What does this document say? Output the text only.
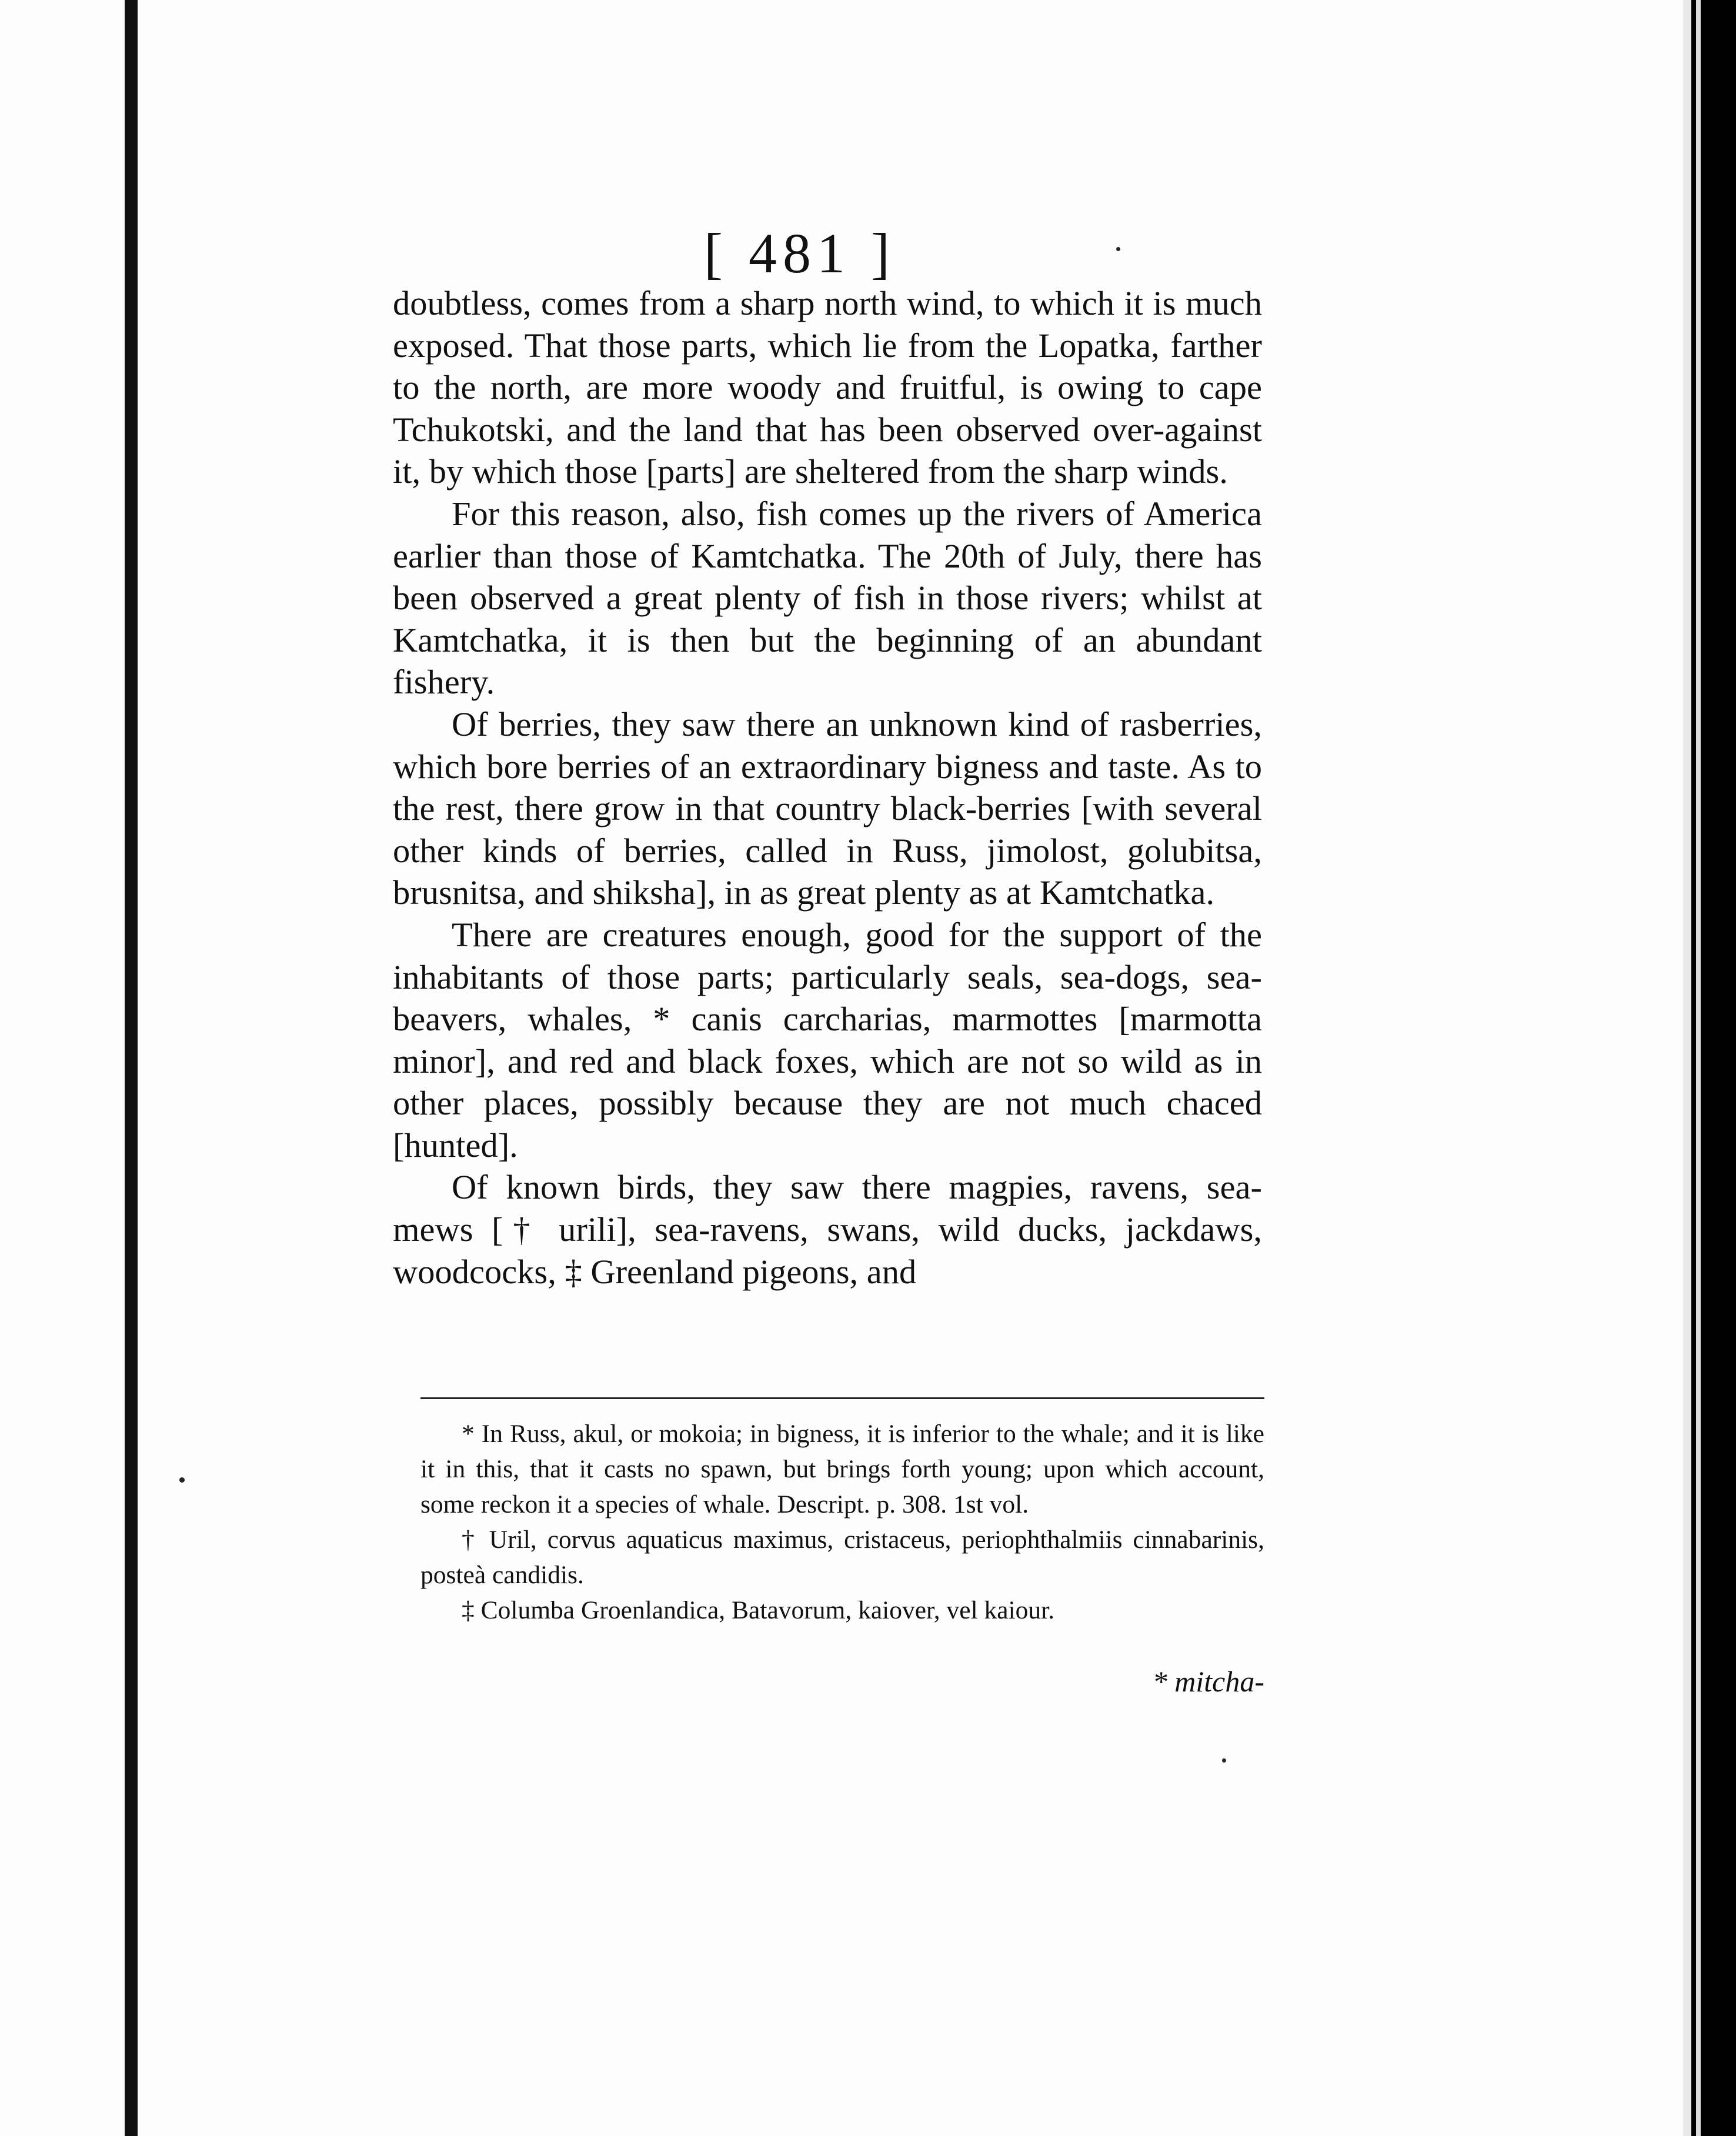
[ 481 ]

doubtless, comes from a sharp north wind, to which it is much exposed. That those parts, which lie from the Lopatka, farther to the north, are more woody and fruitful, is owing to cape Tchukotski, and the land that has been observed over-against it, by which those [parts] are sheltered from the sharp winds.

For this reason, also, fish comes up the rivers of America earlier than those of Kamtchatka. The 20th of July, there has been observed a great plenty of fish in those rivers; whilst at Kamtchatka, it is then but the beginning of an abundant fishery.

Of berries, they saw there an unknown kind of rasberries, which bore berries of an extraordinary bigness and taste. As to the rest, there grow in that country black-berries [with several other kinds of berries, called in Russ, jimolost, golubitsa, brusnitsa, and shikshа], in as great plenty as at Kamtchatka.

There are creatures enough, good for the support of the inhabitants of those parts; particularly seals, sea-dogs, sea-beavers, whales, * canis carcharias, marmottes [marmotta minor], and red and black foxes, which are not so wild as in other places, possibly because they are not much chaced [hunted].

Of known birds, they saw there magpies, ravens, sea-mews [† urili], sea-ravens, swans, wild ducks, jackdaws, woodcocks, ‡ Greenland pigeons, and

* In Russ, akul, or mokoia; in bigness, it is inferior to the whale; and it is like it in this, that it casts no spawn, but brings forth young; upon which account, some reckon it a species of whale. Descript. p. 308. 1st vol.

† Uril, corvus aquaticus maximus, cristaceus, periophthalmiis cinnabarinis, posteà candidis.

‡ Columba Groenlandica, Batavorum, kaiover, vel kaiour.

* mitcha-
